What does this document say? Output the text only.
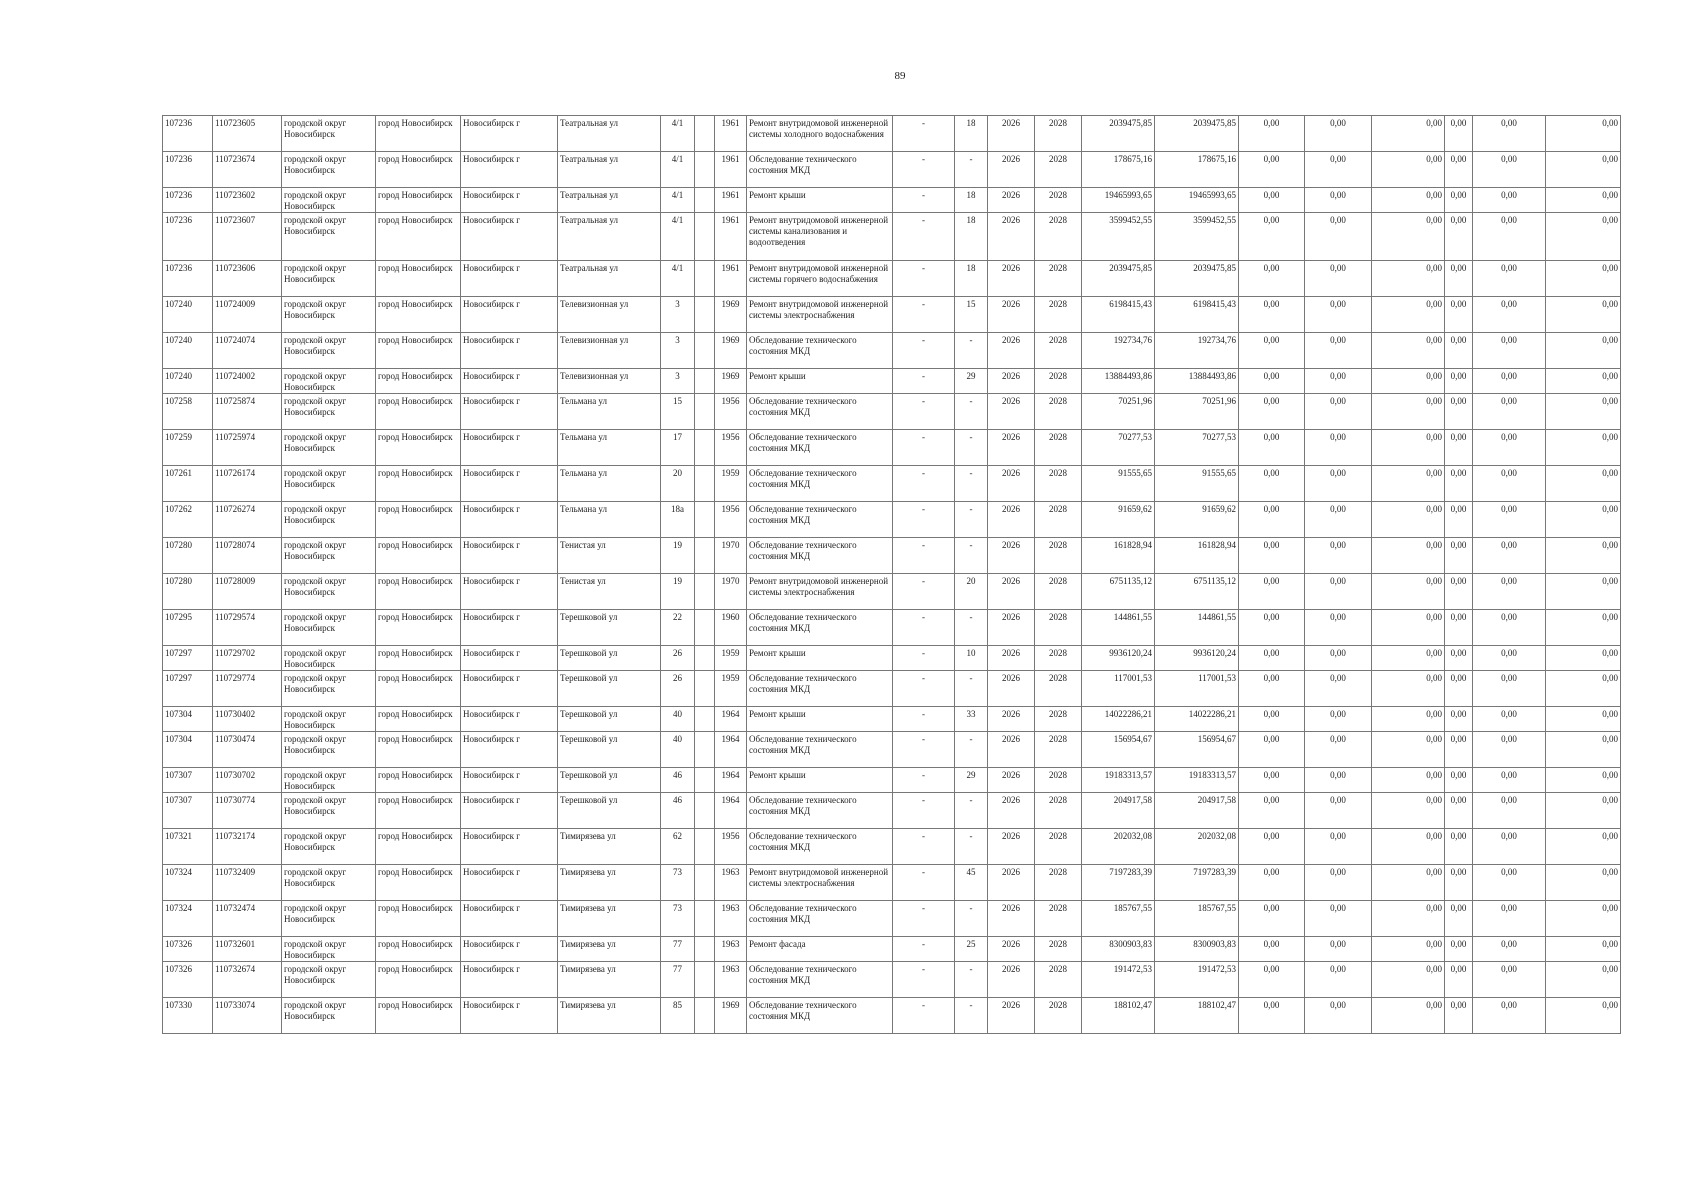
89
107236	110723605	городской округ Новосибирск	город Новосибирск	Новосибирск г	Театральная ул	4/1		1961	Ремонт внутридомовой инженерной системы холодного водоснабжения	-	18	2026	2028	2039475,85	2039475,85	0,00	0,00	0,00	0,00	0,00	0,00
107236	110723674	городской округ Новосибирск	город Новосибирск	Новосибирск г	Театральная ул	4/1		1961	Обследование технического состояния МКД	-	-	2026	2028	178675,16	178675,16	0,00	0,00	0,00	0,00	0,00	0,00
107236	110723602	городской округ Новосибирск	город Новосибирск	Новосибирск г	Театральная ул	4/1		1961	Ремонт крыши	-	18	2026	2028	19465993,65	19465993,65	0,00	0,00	0,00	0,00	0,00	0,00
107236	110723607	городской округ Новосибирск	город Новосибирск	Новосибирск г	Театральная ул	4/1		1961	Ремонт внутридомовой инженерной системы канализования и водоотведения	-	18	2026	2028	3599452,55	3599452,55	0,00	0,00	0,00	0,00	0,00	0,00
107236	110723606	городской округ Новосибирск	город Новосибирск	Новосибирск г	Театральная ул	4/1		1961	Ремонт внутридомовой инженерной системы горячего водоснабжения	-	18	2026	2028	2039475,85	2039475,85	0,00	0,00	0,00	0,00	0,00	0,00
107240	110724009	городской округ Новосибирск	город Новосибирск	Новосибирск г	Телевизионная ул	3		1969	Ремонт внутридомовой инженерной системы электроснабжения	-	15	2026	2028	6198415,43	6198415,43	0,00	0,00	0,00	0,00	0,00	0,00
107240	110724074	городской округ Новосибирск	город Новосибирск	Новосибирск г	Телевизионная ул	3		1969	Обследование технического состояния МКД	-	-	2026	2028	192734,76	192734,76	0,00	0,00	0,00	0,00	0,00	0,00
107240	110724002	городской округ Новосибирск	город Новосибирск	Новосибирск г	Телевизионная ул	3		1969	Ремонт крыши	-	29	2026	2028	13884493,86	13884493,86	0,00	0,00	0,00	0,00	0,00	0,00
107258	110725874	городской округ Новосибирск	город Новосибирск	Новосибирск г	Тельмана ул	15		1956	Обследование технического состояния МКД	-	-	2026	2028	70251,96	70251,96	0,00	0,00	0,00	0,00	0,00	0,00
107259	110725974	городской округ Новосибирск	город Новосибирск	Новосибирск г	Тельмана ул	17		1956	Обследование технического состояния МКД	-	-	2026	2028	70277,53	70277,53	0,00	0,00	0,00	0,00	0,00	0,00
107261	110726174	городской округ Новосибирск	город Новосибирск	Новосибирск г	Тельмана ул	20		1959	Обследование технического состояния МКД	-	-	2026	2028	91555,65	91555,65	0,00	0,00	0,00	0,00	0,00	0,00
107262	110726274	городской округ Новосибирск	город Новосибирск	Новосибирск г	Тельмана ул	18а		1956	Обследование технического состояния МКД	-	-	2026	2028	91659,62	91659,62	0,00	0,00	0,00	0,00	0,00	0,00
107280	110728074	городской округ Новосибирск	город Новосибирск	Новосибирск г	Тенистая ул	19		1970	Обследование технического состояния МКД	-	-	2026	2028	161828,94	161828,94	0,00	0,00	0,00	0,00	0,00	0,00
107280	110728009	городской округ Новосибирск	город Новосибирск	Новосибирск г	Тенистая ул	19		1970	Ремонт внутридомовой инженерной системы электроснабжения	-	20	2026	2028	6751135,12	6751135,12	0,00	0,00	0,00	0,00	0,00	0,00
107295	110729574	городской округ Новосибирск	город Новосибирск	Новосибирск г	Терешковой ул	22		1960	Обследование технического состояния МКД	-	-	2026	2028	144861,55	144861,55	0,00	0,00	0,00	0,00	0,00	0,00
107297	110729702	городской округ Новосибирск	город Новосибирск	Новосибирск г	Терешковой ул	26		1959	Ремонт крыши	-	10	2026	2028	9936120,24	9936120,24	0,00	0,00	0,00	0,00	0,00	0,00
107297	110729774	городской округ Новосибирск	город Новосибирск	Новосибирск г	Терешковой ул	26		1959	Обследование технического состояния МКД	-	-	2026	2028	117001,53	117001,53	0,00	0,00	0,00	0,00	0,00	0,00
107304	110730402	городской округ Новосибирск	город Новосибирск	Новосибирск г	Терешковой ул	40		1964	Ремонт крыши	-	33	2026	2028	14022286,21	14022286,21	0,00	0,00	0,00	0,00	0,00	0,00
107304	110730474	городской округ Новосибирск	город Новосибирск	Новосибирск г	Терешковой ул	40		1964	Обследование технического состояния МКД	-	-	2026	2028	156954,67	156954,67	0,00	0,00	0,00	0,00	0,00	0,00
107307	110730702	городской округ Новосибирск	город Новосибирск	Новосибирск г	Терешковой ул	46		1964	Ремонт крыши	-	29	2026	2028	19183313,57	19183313,57	0,00	0,00	0,00	0,00	0,00	0,00
107307	110730774	городской округ Новосибирск	город Новосибирск	Новосибирск г	Терешковой ул	46		1964	Обследование технического состояния МКД	-	-	2026	2028	204917,58	204917,58	0,00	0,00	0,00	0,00	0,00	0,00
107321	110732174	городской округ Новосибирск	город Новосибирск	Новосибирск г	Тимирязева ул	62		1956	Обследование технического состояния МКД	-	-	2026	2028	202032,08	202032,08	0,00	0,00	0,00	0,00	0,00	0,00
107324	110732409	городской округ Новосибирск	город Новосибирск	Новосибирск г	Тимирязева ул	73		1963	Ремонт внутридомовой инженерной системы электроснабжения	-	45	2026	2028	7197283,39	7197283,39	0,00	0,00	0,00	0,00	0,00	0,00
107324	110732474	городской округ Новосибирск	город Новосибирск	Новосибирск г	Тимирязева ул	73		1963	Обследование технического состояния МКД	-	-	2026	2028	185767,55	185767,55	0,00	0,00	0,00	0,00	0,00	0,00
107326	110732601	городской округ Новосибирск	город Новосибирск	Новосибирск г	Тимирязева ул	77		1963	Ремонт фасада	-	25	2026	2028	8300903,83	8300903,83	0,00	0,00	0,00	0,00	0,00	0,00
107326	110732674	городской округ Новосибирск	город Новосибирск	Новосибирск г	Тимирязева ул	77		1963	Обследование технического состояния МКД	-	-	2026	2028	191472,53	191472,53	0,00	0,00	0,00	0,00	0,00	0,00
107330	110733074	городской округ Новосибирск	город Новосибирск	Новосибирск г	Тимирязева ул	85		1969	Обследование технического состояния МКД	-	-	2026	2028	188102,47	188102,47	0,00	0,00	0,00	0,00	0,00	0,00
